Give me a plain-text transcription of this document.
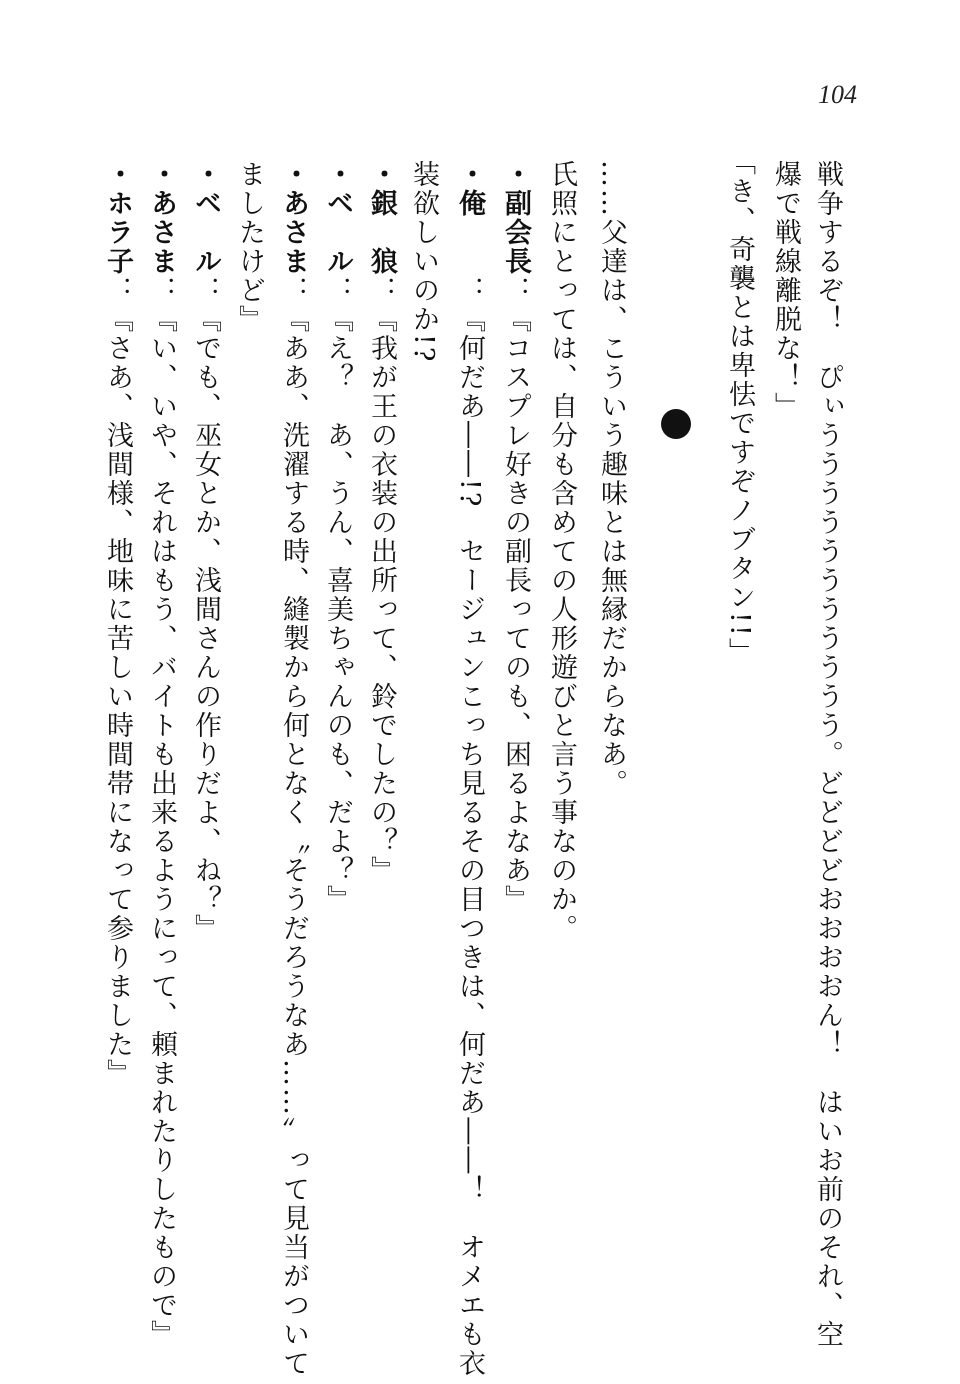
104
戦争するぞ！　ぴぃううううううううううう。どどどどおおおおん！　はいお前のそれ、空
爆で戦線離脱な！」
「き、奇襲とは卑怯ですぞノブタン!!」
……父達は、こういう趣味とは無縁だからなあ。
氏照にとっては、自分も含めての人形遊びと言う事なのか。
・副会長：『コスプレ好きの副長ってのも、困るよなあ』
・俺　　：『何だあ――!?　セージュンこっち見るその目つきは、何だあ――！　オメエも衣
装欲しいのか!?
・銀　狼：『我が王の衣装の出所って、鈴でしたの？』
・ベ　ル：『え？　あ、うん、喜美ちゃんのも、だよ？』
・あさま：『ああ、洗濯する時、縫製から何となく〝そうだろうなあ……〟って見当がついて
ましたけど』
・ベ　ル：『でも、巫女とか、浅間さんの作りだよ、ね？』
・あさま：『い、いや、それはもう、バイトも出来るようにって、頼まれたりしたもので』
・ホラ子：『さあ、浅間様、地味に苦しい時間帯になって参りました』
